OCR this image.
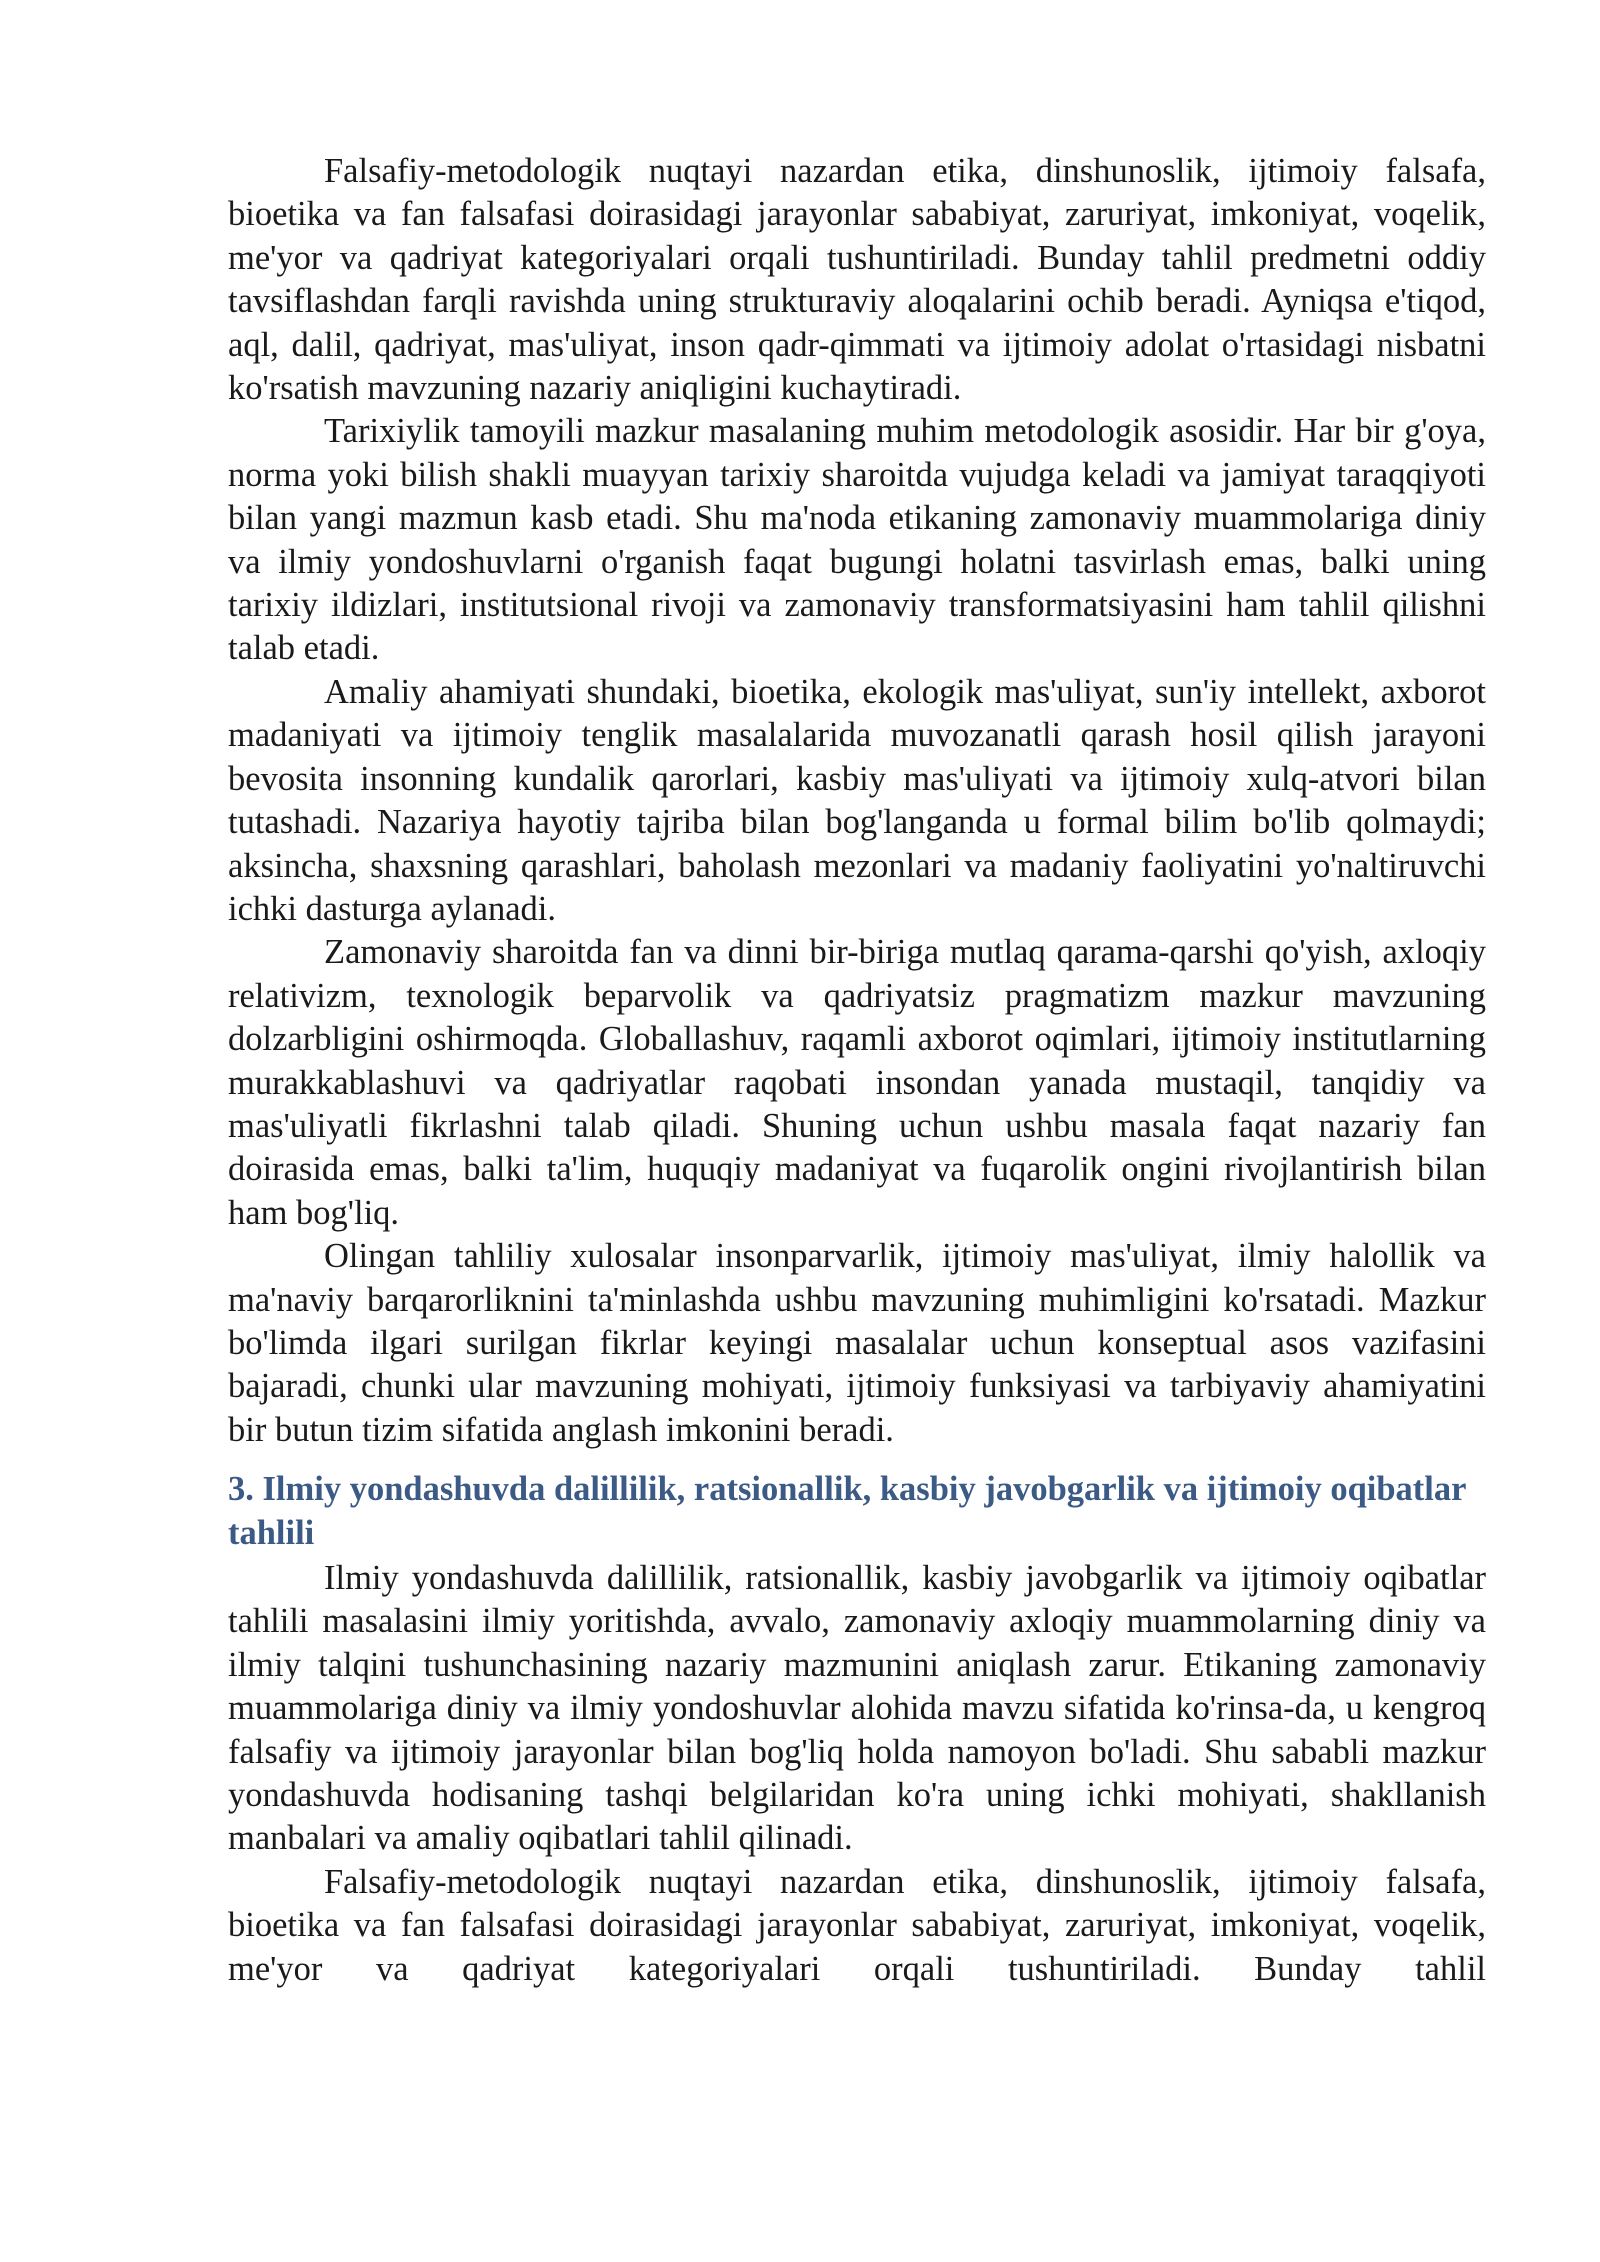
Falsafiy-metodologik nuqtayi nazardan etika, dinshunoslik, ijtimoiy falsafa, bioetika va fan falsafasi doirasidagi jarayonlar sababiyat, zaruriyat, imkoniyat, voqelik, me'yor va qadriyat kategoriyalari orqali tushuntiriladi. Bunday tahlil predmetni oddiy tavsiflashdan farqli ravishda uning strukturaviy aloqalarini ochib beradi. Ayniqsa e'tiqod, aql, dalil, qadriyat, mas'uliyat, inson qadr-qimmati va ijtimoiy adolat o'rtasidagi nisbatni ko'rsatish mavzuning nazariy aniqligini kuchaytiradi.

Tarixiylik tamoyili mazkur masalaning muhim metodologik asosidir. Har bir g'oya, norma yoki bilish shakli muayyan tarixiy sharoitda vujudga keladi va jamiyat taraqqiyoti bilan yangi mazmun kasb etadi. Shu ma'noda etikaning zamonaviy muammolariga diniy va ilmiy yondoshuvlarni o'rganish faqat bugungi holatni tasvirlash emas, balki uning tarixiy ildizlari, institutsional rivoji va zamonaviy transformatsiyasini ham tahlil qilishni talab etadi.

Amaliy ahamiyati shundaki, bioetika, ekologik mas'uliyat, sun'iy intellekt, axborot madaniyati va ijtimoiy tenglik masalalarida muvozanatli qarash hosil qilish jarayoni bevosita insonning kundalik qarorlari, kasbiy mas'uliyati va ijtimoiy xulq-atvori bilan tutashadi. Nazariya hayotiy tajriba bilan bog'langanda u formal bilim bo'lib qolmaydi; aksincha, shaxsning qarashlari, baholash mezonlari va madaniy faoliyatini yo'naltiruvchi ichki dasturga aylanadi.

Zamonaviy sharoitda fan va dinni bir-biriga mutlaq qarama-qarshi qo'yish, axloqiy relativizm, texnologik beparvolik va qadriyatsiz pragmatizm mazkur mavzuning dolzarbligini oshirmoqda. Globallashuv, raqamli axborot oqimlari, ijtimoiy institutlarning murakkablashuvi va qadriyatlar raqobati insondan yanada mustaqil, tanqidiy va mas'uliyatli fikrlashni talab qiladi. Shuning uchun ushbu masala faqat nazariy fan doirasida emas, balki ta'lim, huquqiy madaniyat va fuqarolik ongini rivojlantirish bilan ham bog'liq.

Olingan tahliliy xulosalar insonparvarlik, ijtimoiy mas'uliyat, ilmiy halollik va ma'naviy barqarorliknini ta'minlashda ushbu mavzuning muhimligini ko'rsatadi. Mazkur bo'limda ilgari surilgan fikrlar keyingi masalalar uchun konseptual asos vazifasini bajaradi, chunki ular mavzuning mohiyati, ijtimoiy funksiyasi va tarbiyaviy ahamiyatini bir butun tizim sifatida anglash imkonini beradi.

3. Ilmiy yondashuvda dalillilik, ratsionallik, kasbiy javobgarlik va ijtimoiy oqibatlar tahlili

Ilmiy yondashuvda dalillilik, ratsionallik, kasbiy javobgarlik va ijtimoiy oqibatlar tahlili masalasini ilmiy yoritishda, avvalo, zamonaviy axloqiy muammolarning diniy va ilmiy talqini tushunchasining nazariy mazmunini aniqlash zarur. Etikaning zamonaviy muammolariga diniy va ilmiy yondoshuvlar alohida mavzu sifatida ko'rinsa-da, u kengroq falsafiy va ijtimoiy jarayonlar bilan bog'liq holda namoyon bo'ladi. Shu sababli mazkur yondashuvda hodisaning tashqi belgilaridan ko'ra uning ichki mohiyati, shakllanish manbalari va amaliy oqibatlari tahlil qilinadi.

Falsafiy-metodologik nuqtayi nazardan etika, dinshunoslik, ijtimoiy falsafa, bioetika va fan falsafasi doirasidagi jarayonlar sababiyat, zaruriyat, imkoniyat, voqelik, me'yor va qadriyat kategoriyalari orqali tushuntiriladi. Bunday tahlil
